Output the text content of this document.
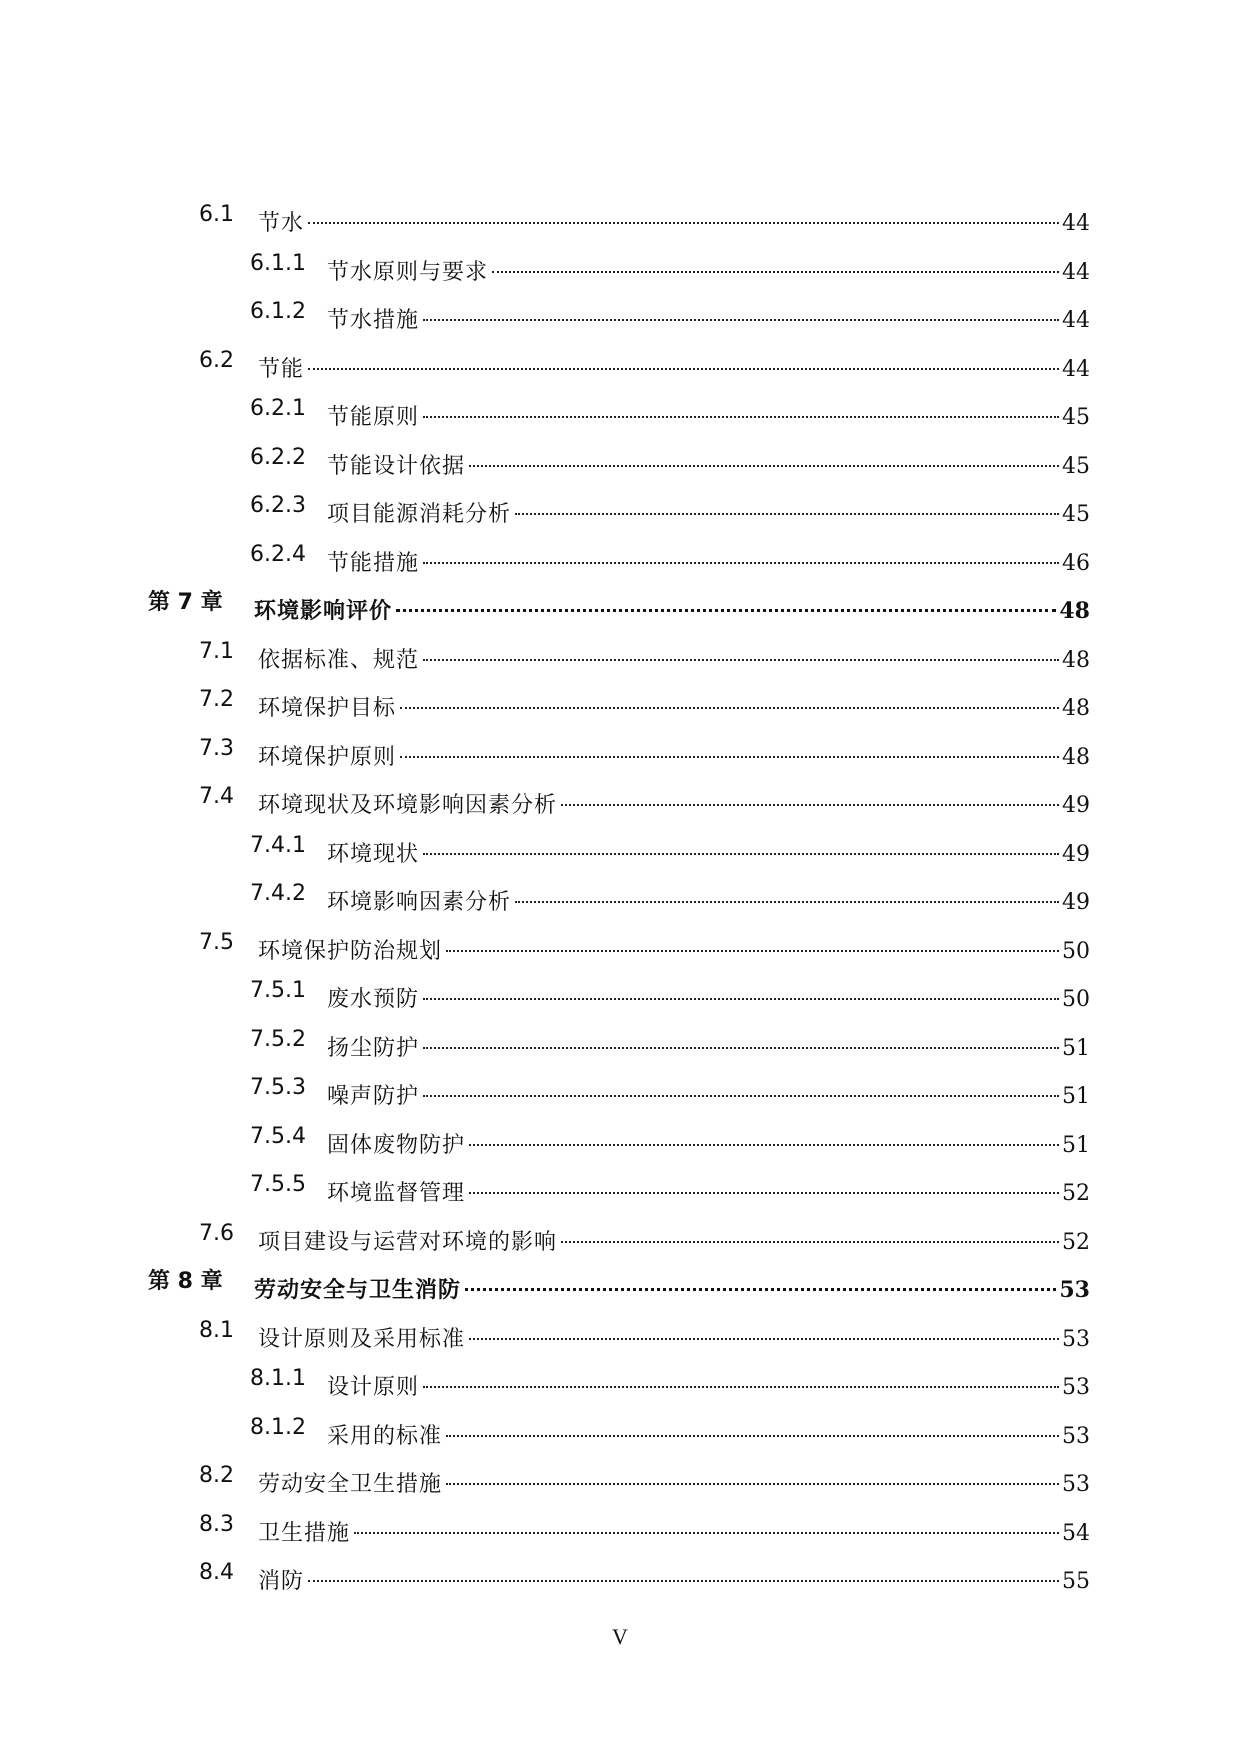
6.1 节水	44
6.1.1 节水原则与要求	44
6.1.2 节水措施	44
6.2 节能	44
6.2.1 节能原则	45
6.2.2 节能设计依据	45
6.2.3 项目能源消耗分析	45
6.2.4 节能措施	46
第 7 章 环境影响评价	48
7.1 依据标准、规范	48
7.2 环境保护目标	48
7.3 环境保护原则	48
7.4 环境现状及环境影响因素分析	49
7.4.1 环境现状	49
7.4.2 环境影响因素分析	49
7.5 环境保护防治规划	50
7.5.1 废水预防	50
7.5.2 扬尘防护	51
7.5.3 噪声防护	51
7.5.4 固体废物防护	51
7.5.5 环境监督管理	52
7.6 项目建设与运营对环境的影响	52
第 8 章 劳动安全与卫生消防	53
8.1 设计原则及采用标准	53
8.1.1 设计原则	53
8.1.2 采用的标准	53
8.2 劳动安全卫生措施	53
8.3 卫生措施	54
8.4 消防	55
V
